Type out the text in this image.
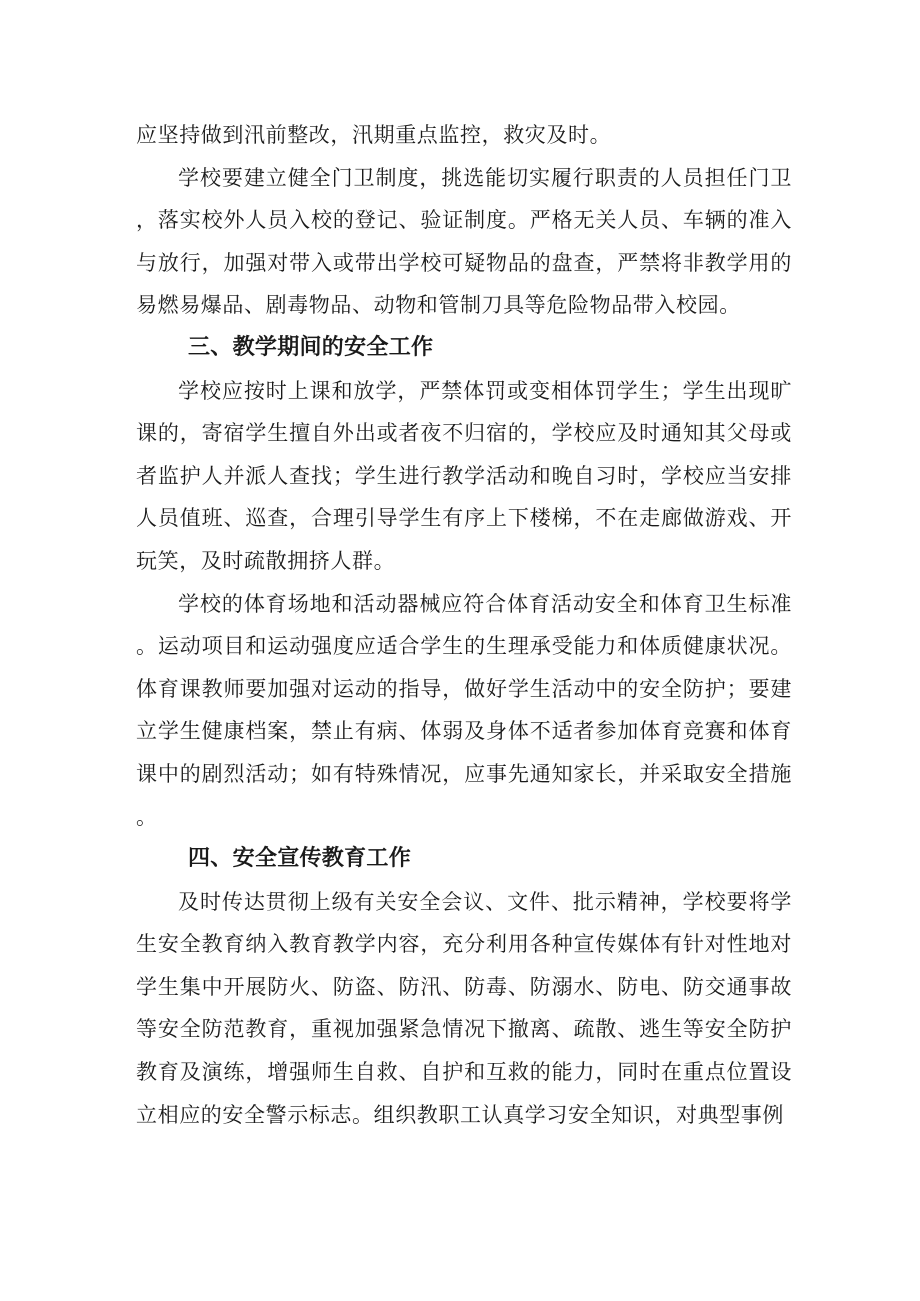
应坚持做到汛前整改，汛期重点监控，救灾及时。

学校要建立健全门卫制度，挑选能切实履行职责的人员担任门卫，落实校外人员入校的登记、验证制度。严格无关人员、车辆的准入与放行，加强对带入或带出学校可疑物品的盘查，严禁将非教学用的易燃易爆品、剧毒物品、动物和管制刀具等危险物品带入校园。

三、教学期间的安全工作

学校应按时上课和放学，严禁体罚或变相体罚学生；学生出现旷课的，寄宿学生擅自外出或者夜不归宿的，学校应及时通知其父母或者监护人并派人查找；学生进行教学活动和晚自习时，学校应当安排人员值班、巡查，合理引导学生有序上下楼梯，不在走廊做游戏、开玩笑，及时疏散拥挤人群。

学校的体育场地和活动器械应符合体育活动安全和体育卫生标准。运动项目和运动强度应适合学生的生理承受能力和体质健康状况。体育课教师要加强对运动的指导，做好学生活动中的安全防护；要建立学生健康档案，禁止有病、体弱及身体不适者参加体育竞赛和体育课中的剧烈活动；如有特殊情况，应事先通知家长，并采取安全措施。

四、安全宣传教育工作

及时传达贯彻上级有关安全会议、文件、批示精神，学校要将学生安全教育纳入教育教学内容，充分利用各种宣传媒体有针对性地对学生集中开展防火、防盗、防汛、防毒、防溺水、防电、防交通事故等安全防范教育，重视加强紧急情况下撤离、疏散、逃生等安全防护教育及演练，增强师生自救、自护和互救的能力，同时在重点位置设立相应的安全警示标志。组织教职工认真学习安全知识，对典型事例
